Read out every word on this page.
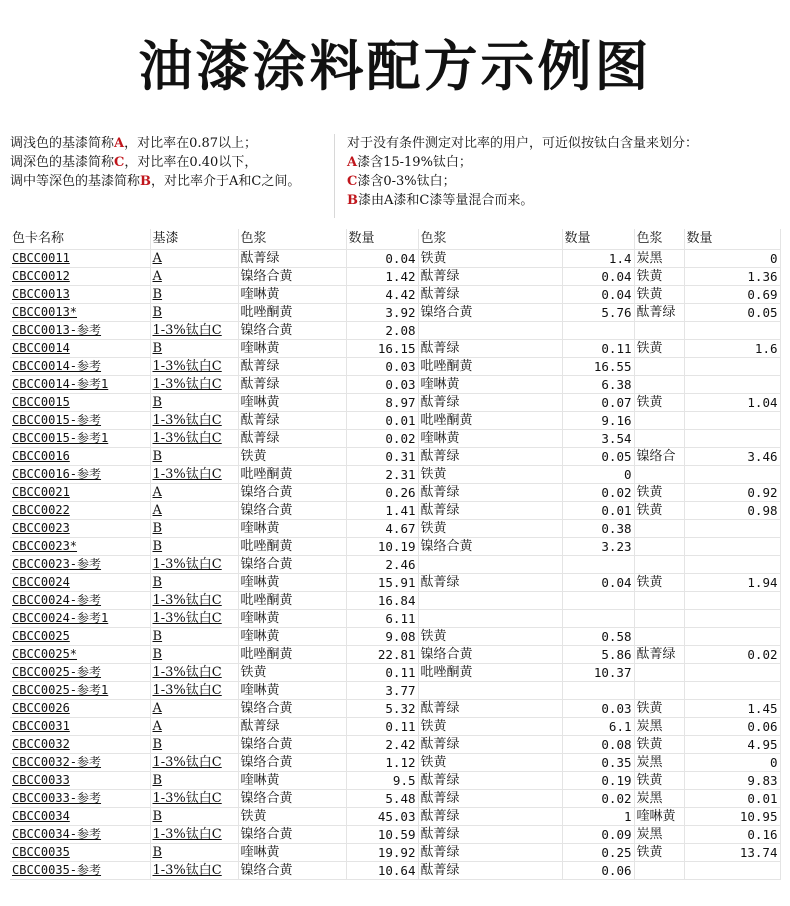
油漆涂料配方示例图
调浅色的基漆简称A，对比率在0.87以上；
调深色的基漆简称C，对比率在0.40以下，
调中等深色的基漆简称B，对比率介于A和C之间。
对于没有条件测定对比率的用户，可近似按钛白含量来划分：
A漆含15-19%钛白；
C漆含0-3%钛白；
B漆由A漆和C漆等量混合而来。
色卡名称	基漆	色浆	数量	色浆	数量	色浆	数量
CBCC0011	A	酞菁绿	0.04	铁黄	1.4	炭黑	0
CBCC0012	A	镍络合黄	1.42	酞菁绿	0.04	铁黄	1.36
CBCC0013	B	喹啉黄	4.42	酞菁绿	0.04	铁黄	0.69
CBCC0013*	B	吡唑酮黄	3.92	镍络合黄	5.76	酞菁绿	0.05
CBCC0013-参考	1-3%钛白C	镍络合黄	2.08				
CBCC0014	B	喹啉黄	16.15	酞菁绿	0.11	铁黄	1.6
CBCC0014-参考	1-3%钛白C	酞菁绿	0.03	吡唑酮黄	16.55		
CBCC0014-参考1	1-3%钛白C	酞菁绿	0.03	喹啉黄	6.38		
CBCC0015	B	喹啉黄	8.97	酞菁绿	0.07	铁黄	1.04
CBCC0015-参考	1-3%钛白C	酞菁绿	0.01	吡唑酮黄	9.16		
CBCC0015-参考1	1-3%钛白C	酞菁绿	0.02	喹啉黄	3.54		
CBCC0016	B	铁黄	0.31	酞菁绿	0.05	镍络合	3.46
CBCC0016-参考	1-3%钛白C	吡唑酮黄	2.31	铁黄	0		
CBCC0021	A	镍络合黄	0.26	酞菁绿	0.02	铁黄	0.92
CBCC0022	A	镍络合黄	1.41	酞菁绿	0.01	铁黄	0.98
CBCC0023	B	喹啉黄	4.67	铁黄	0.38		
CBCC0023*	B	吡唑酮黄	10.19	镍络合黄	3.23		
CBCC0023-参考	1-3%钛白C	镍络合黄	2.46				
CBCC0024	B	喹啉黄	15.91	酞菁绿	0.04	铁黄	1.94
CBCC0024-参考	1-3%钛白C	吡唑酮黄	16.84				
CBCC0024-参考1	1-3%钛白C	喹啉黄	6.11				
CBCC0025	B	喹啉黄	9.08	铁黄	0.58		
CBCC0025*	B	吡唑酮黄	22.81	镍络合黄	5.86	酞菁绿	0.02
CBCC0025-参考	1-3%钛白C	铁黄	0.11	吡唑酮黄	10.37		
CBCC0025-参考1	1-3%钛白C	喹啉黄	3.77				
CBCC0026	A	镍络合黄	5.32	酞菁绿	0.03	铁黄	1.45
CBCC0031	A	酞菁绿	0.11	铁黄	6.1	炭黑	0.06
CBCC0032	B	镍络合黄	2.42	酞菁绿	0.08	铁黄	4.95
CBCC0032-参考	1-3%钛白C	镍络合黄	1.12	铁黄	0.35	炭黑	0
CBCC0033	B	喹啉黄	9.5	酞菁绿	0.19	铁黄	9.83
CBCC0033-参考	1-3%钛白C	镍络合黄	5.48	酞菁绿	0.02	炭黑	0.01
CBCC0034	B	铁黄	45.03	酞菁绿	1	喹啉黄	10.95
CBCC0034-参考	1-3%钛白C	镍络合黄	10.59	酞菁绿	0.09	炭黑	0.16
CBCC0035	B	喹啉黄	19.92	酞菁绿	0.25	铁黄	13.74
CBCC0035-参考	1-3%钛白C	镍络合黄	10.64	酞菁绿	0.06		
